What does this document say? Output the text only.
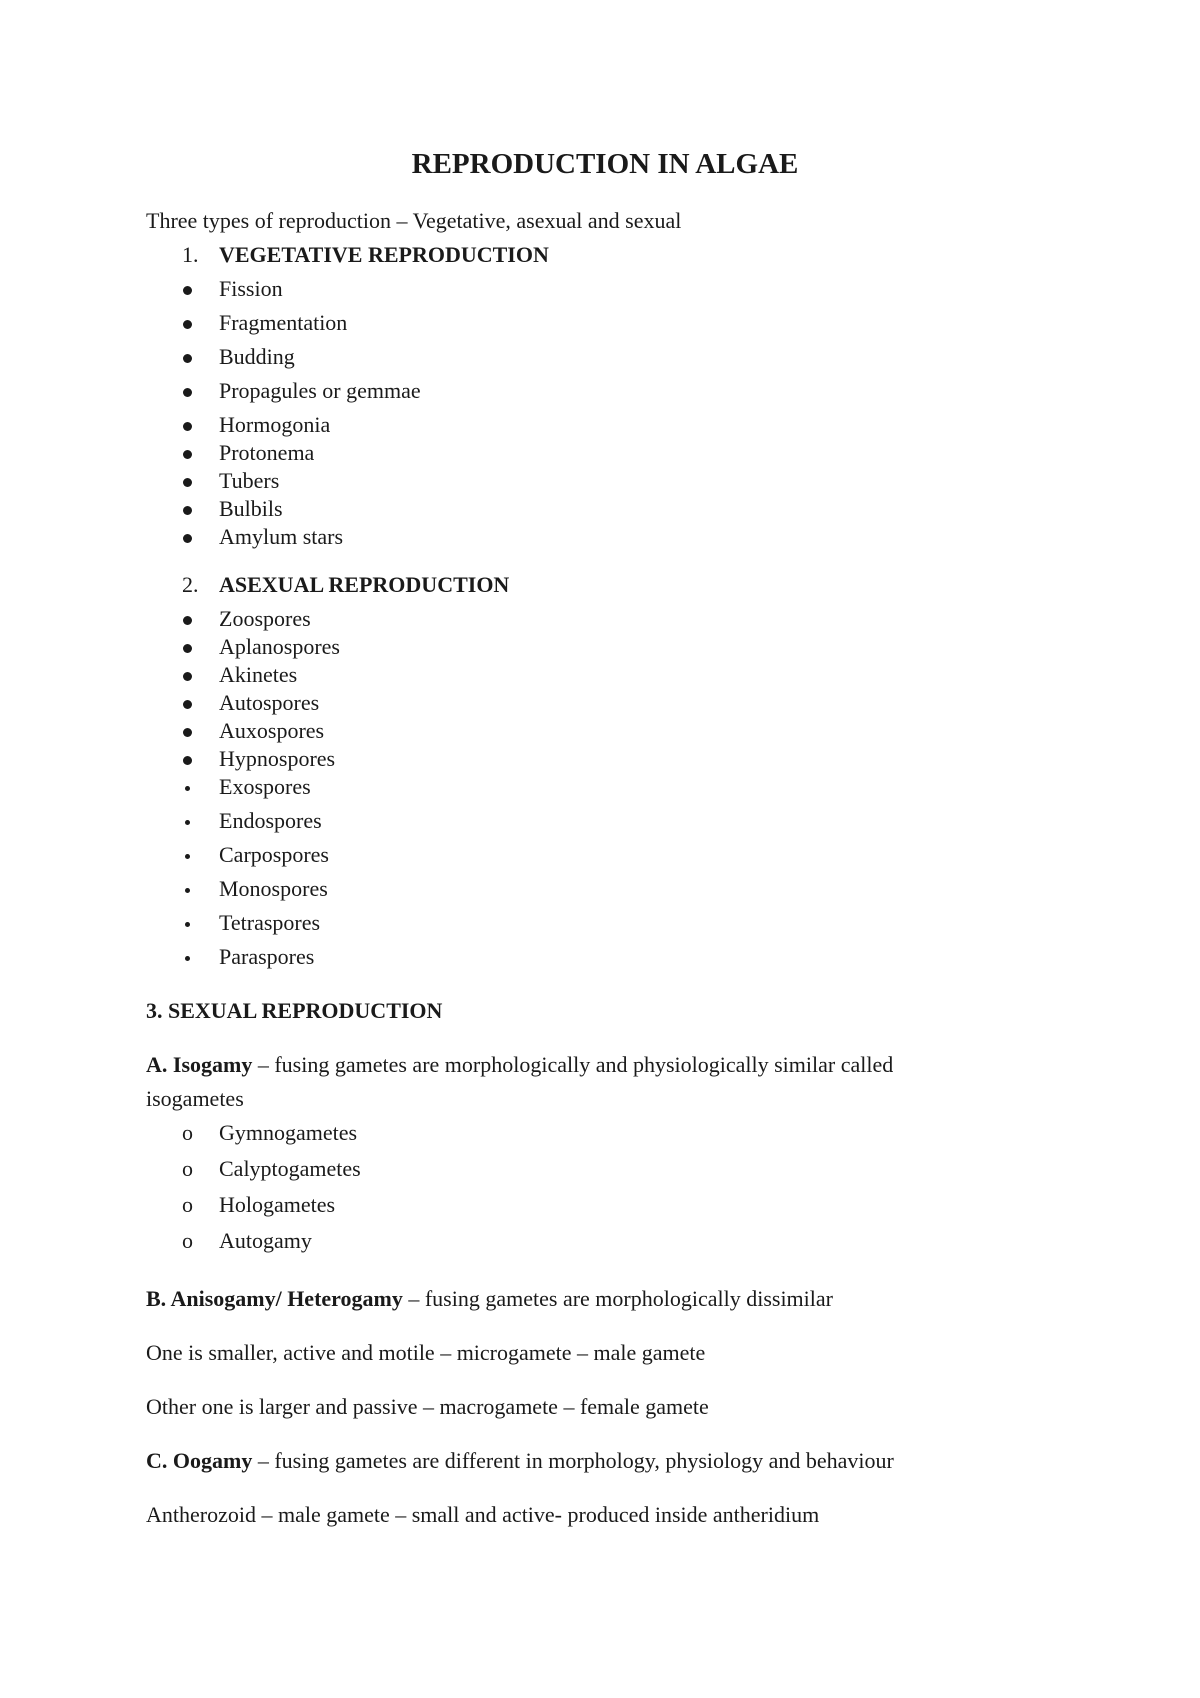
REPRODUCTION IN ALGAE
Three types of reproduction – Vegetative, asexual and sexual
1. VEGETATIVE REPRODUCTION
Fission
Fragmentation
Budding
Propagules or gemmae
Hormogonia
Protonema
Tubers
Bulbils
Amylum stars
2. ASEXUAL REPRODUCTION
Zoospores
Aplanospores
Akinetes
Autospores
Auxospores
Hypnospores
Exospores
Endospores
Carpospores
Monospores
Tetraspores
Paraspores
3. SEXUAL REPRODUCTION
A. Isogamy – fusing gametes are morphologically and physiologically similar called
isogametes
o Gymnogametes
o Calyptogametes
o Hologametes
o Autogamy
B. Anisogamy/ Heterogamy – fusing gametes are morphologically dissimilar
One is smaller, active and motile – microgamete – male gamete
Other one is larger and passive – macrogamete – female gamete
C. Oogamy – fusing gametes are different in morphology, physiology and behaviour
Antherozoid – male gamete – small and active- produced inside antheridium
